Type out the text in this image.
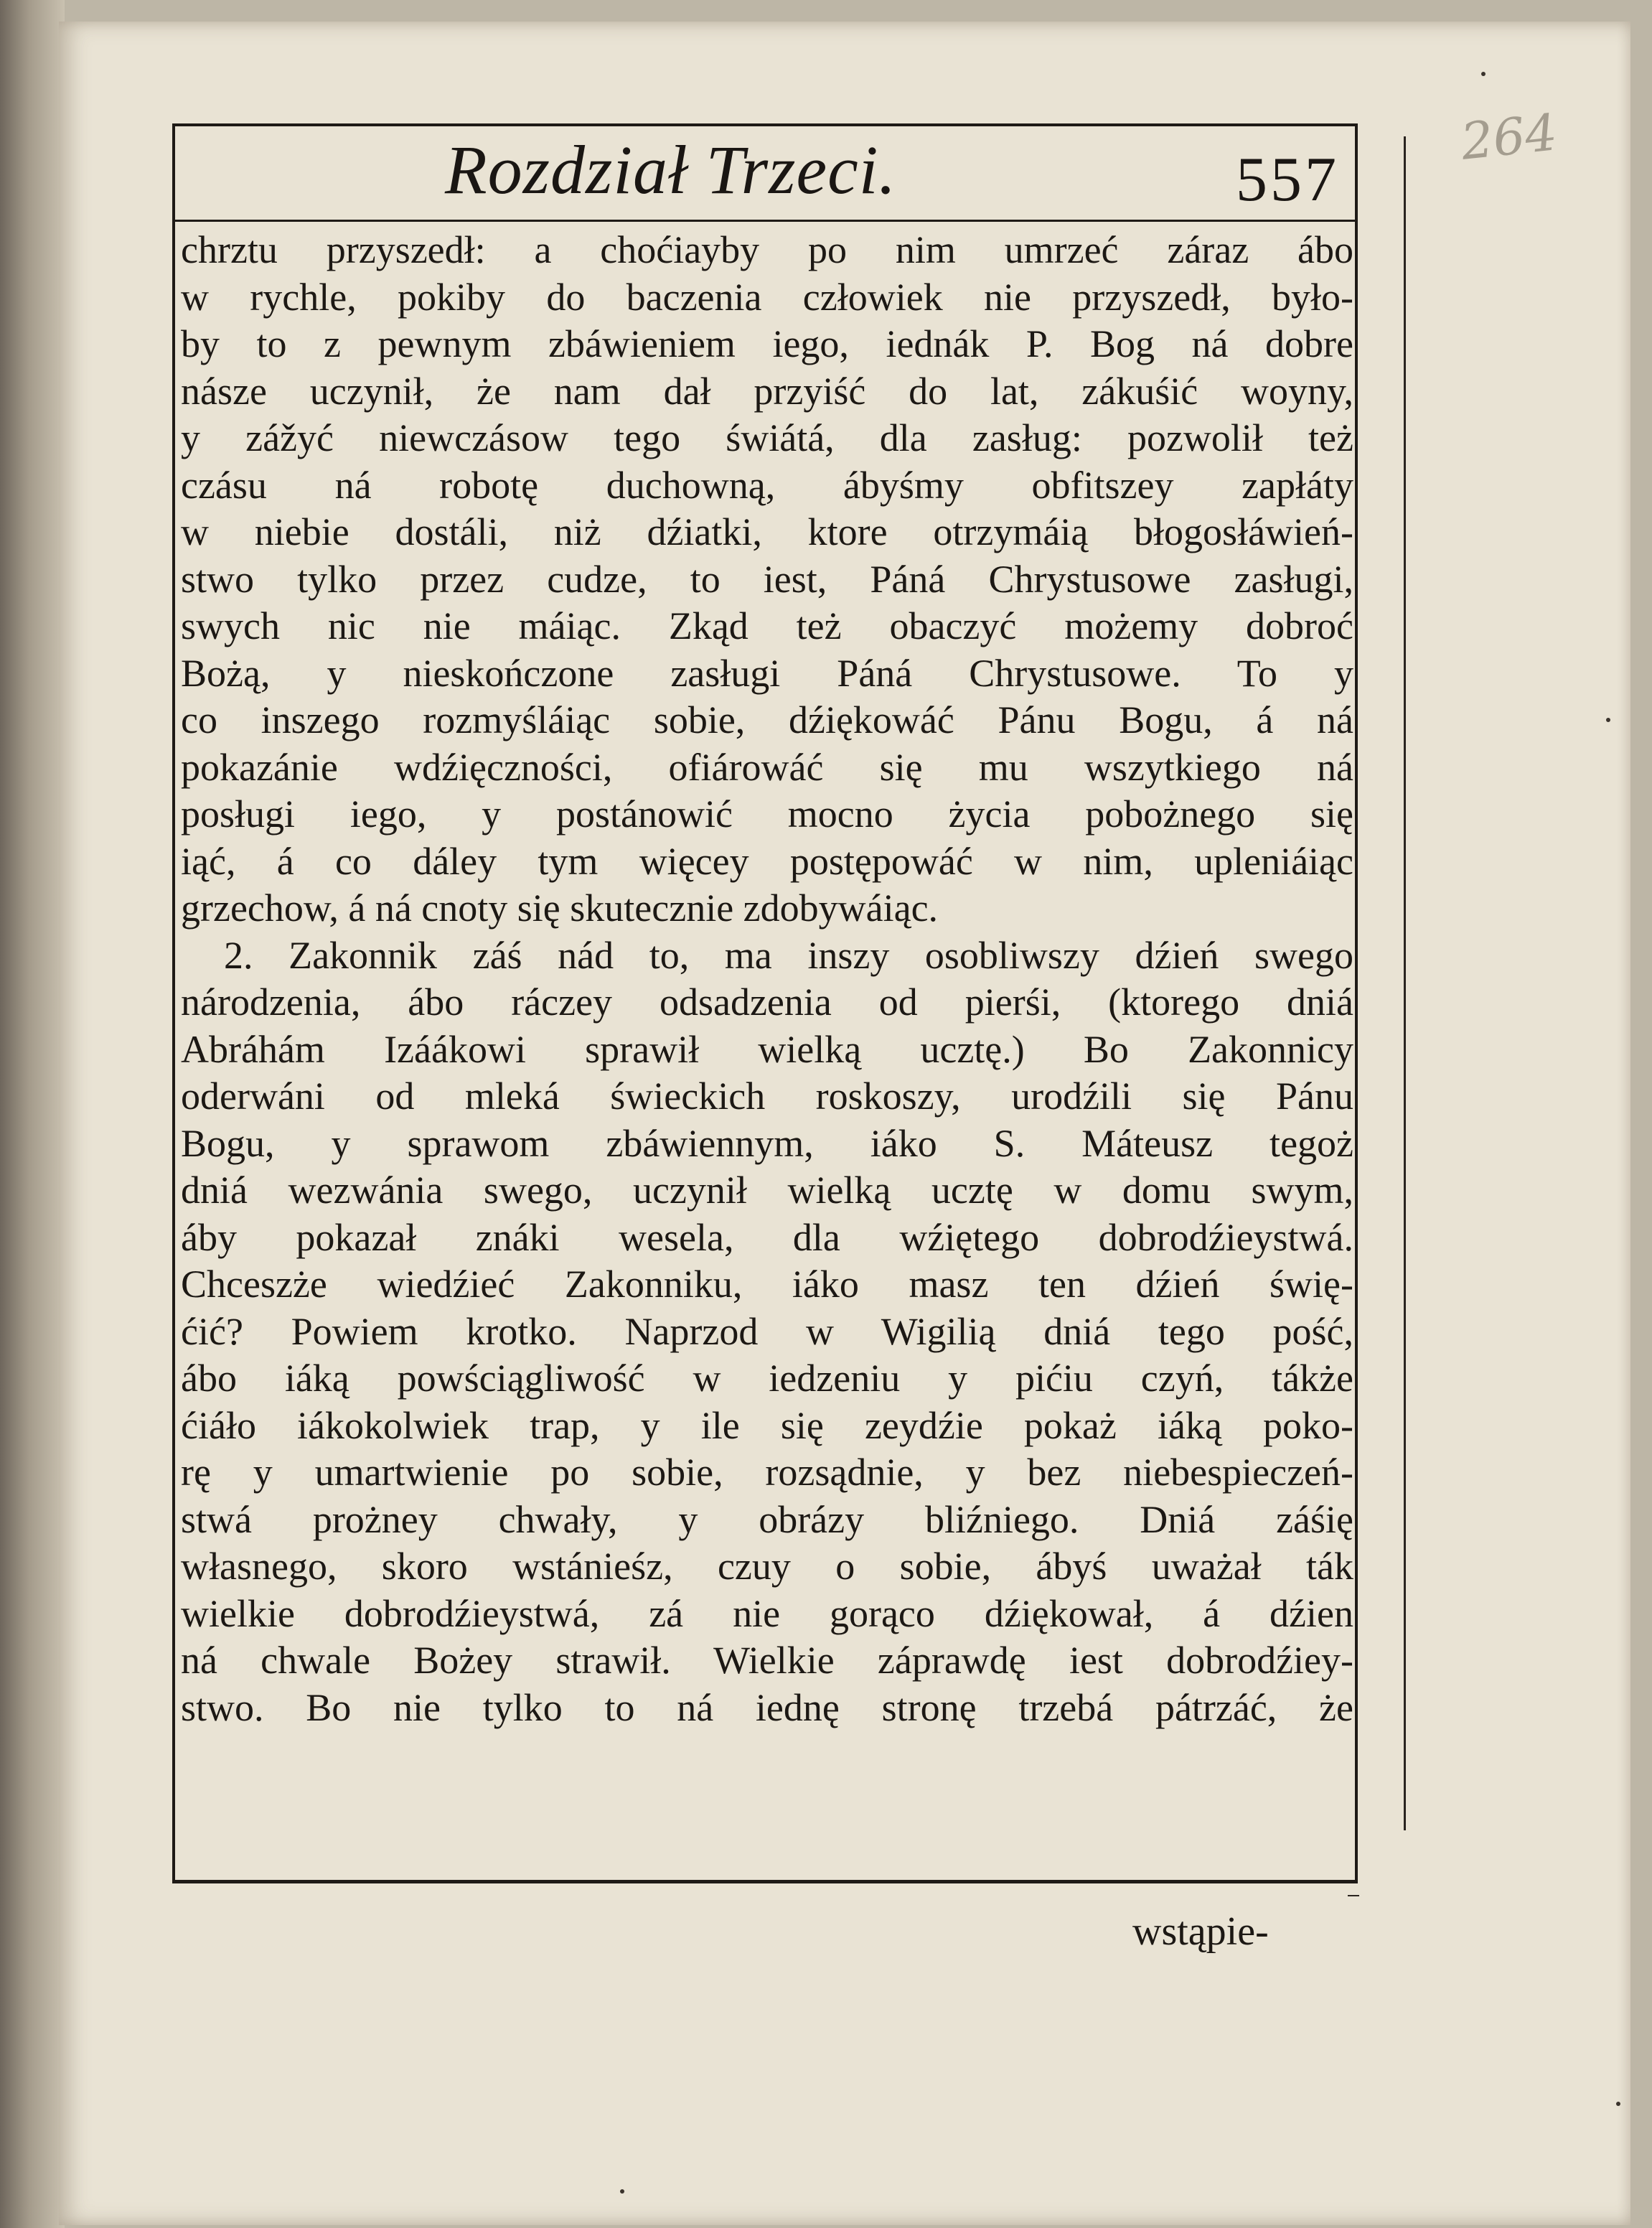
Rozdział Trzeci.	557
264
chrztu przyszedł: a choćiayby po nim umrzeć záraz ábo
w rychle, pokiby do baczenia człowiek nie przyszedł, było-
by to z pewnym zbáwieniem iego, iednák P. Bog ná dobre
násze uczynił, że nam dał przyiść do lat, zákuśić woyny,
y zážyć niewczásow tego świátá, dla zasług: pozwolił też
czásu ná robotę duchowną, ábyśmy obfitszey zapłáty
w niebie dostáli, niż dźiatki, ktore otrzymáią błogosłáwień-
stwo tylko przez cudze, to iest, Páná Chrystusowe zasługi,
swych nic nie máiąc. Zkąd też obaczyć możemy dobroć
Bożą, y nieskończone zasługi Páná Chrystusowe. To y
co inszego rozmyśláiąc sobie, dźiękowáć Pánu Bogu, á ná
pokazánie wdźięczności, ofiárowáć się mu wszytkiego ná
posługi iego, y postánowić mocno życia pobożnego się
iąć, á co dáley tym więcey postępowáć w nim, upleniáiąc
grzechow, á ná cnoty się skutecznie zdobywáiąc.
2. Zakonnik záś nád to, ma inszy osobliwszy dźień swego
národzenia, ábo ráczey odsadzenia od pierśi, (ktorego dniá
Abráhám Izáákowi sprawił wielką ucztę.) Bo Zakonnicy
oderwáni od mleká świeckich roskoszy, urodźili się Pánu
Bogu, y sprawom zbáwiennym, iáko S. Máteusz tegoż
dniá wezwánia swego, uczynił wielką ucztę w domu swym,
áby pokazał znáki wesela, dla wźiętego dobrodźieystwá.
Chceszże wiedźieć Zakonniku, iáko masz ten dźień świę-
ćić? Powiem krotko. Naprzod w Wigilią dniá tego pość,
ábo iáką powściągliwość w iedzeniu y pićiu czyń, tákże
ćiáło iákokolwiek trap, y ile się zeydźie pokaż iáką poko-
rę y umartwienie po sobie, rozsądnie, y bez niebespieczeń-
stwá prożney chwały, y obrázy bliźniego. Dniá záśię
własnego, skoro wstánieśz, czuy o sobie, ábyś uważał ták
wielkie dobrodźieystwá, zá nie gorąco dźiękował, á dźien
ná chwale Bożey strawił. Wielkie záprawdę iest dobrodźiey-
stwo. Bo nie tylko to ná iednę stronę trzebá pátrzáć, że
wstąpie-
